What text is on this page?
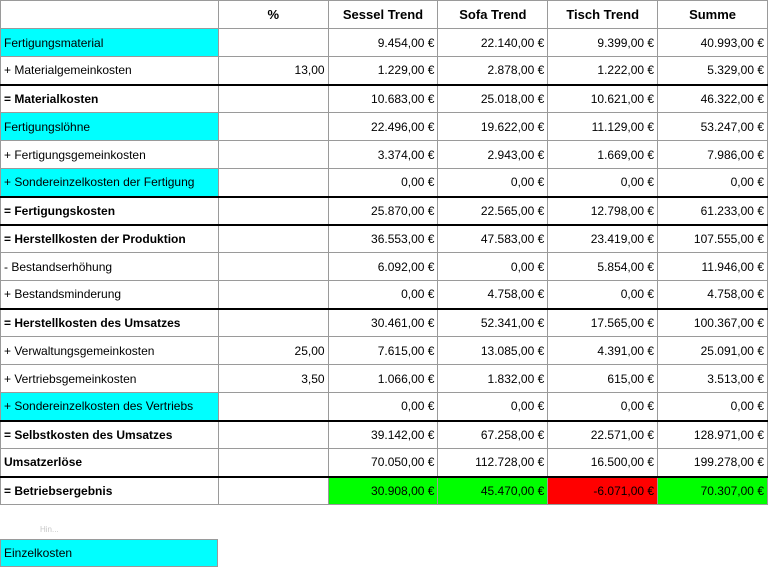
	%	Sessel Trend	Sofa Trend	Tisch Trend	Summe
Fertigungsmaterial		9.454,00 €	22.140,00 €	9.399,00 €	40.993,00 €
+ Materialgemeinkosten	13,00	1.229,00 €	2.878,00 €	1.222,00 €	5.329,00 €
= Materialkosten		10.683,00 €	25.018,00 €	10.621,00 €	46.322,00 €
Fertigungslöhne		22.496,00 €	19.622,00 €	11.129,00 €	53.247,00 €
+ Fertigungsgemeinkosten		3.374,00 €	2.943,00 €	1.669,00 €	7.986,00 €
+ Sondereinzelkosten der Fertigung		0,00 €	0,00 €	0,00 €	0,00 €
= Fertigungskosten		25.870,00 €	22.565,00 €	12.798,00 €	61.233,00 €
= Herstellkosten der Produktion		36.553,00 €	47.583,00 €	23.419,00 €	107.555,00 €
- Bestandserhöhung		6.092,00 €	0,00 €	5.854,00 €	11.946,00 €
+ Bestandsminderung		0,00 €	4.758,00 €	0,00 €	4.758,00 €
= Herstellkosten des Umsatzes		30.461,00 €	52.341,00 €	17.565,00 €	100.367,00 €
+ Verwaltungsgemeinkosten	25,00	7.615,00 €	13.085,00 €	4.391,00 €	25.091,00 €
+ Vertriebsgemeinkosten	3,50	1.066,00 €	1.832,00 €	615,00 €	3.513,00 €
+ Sondereinzelkosten des Vertriebs		0,00 €	0,00 €	0,00 €	0,00 €
= Selbstkosten des Umsatzes		39.142,00 €	67.258,00 €	22.571,00 €	128.971,00 €
Umsatzerlöse		70.050,00 €	112.728,00 €	16.500,00 €	199.278,00 €
= Betriebsergebnis		30.908,00 €	45.470,00 €	-6.071,00 €	70.307,00 €
Hin...
Einzelkosten
